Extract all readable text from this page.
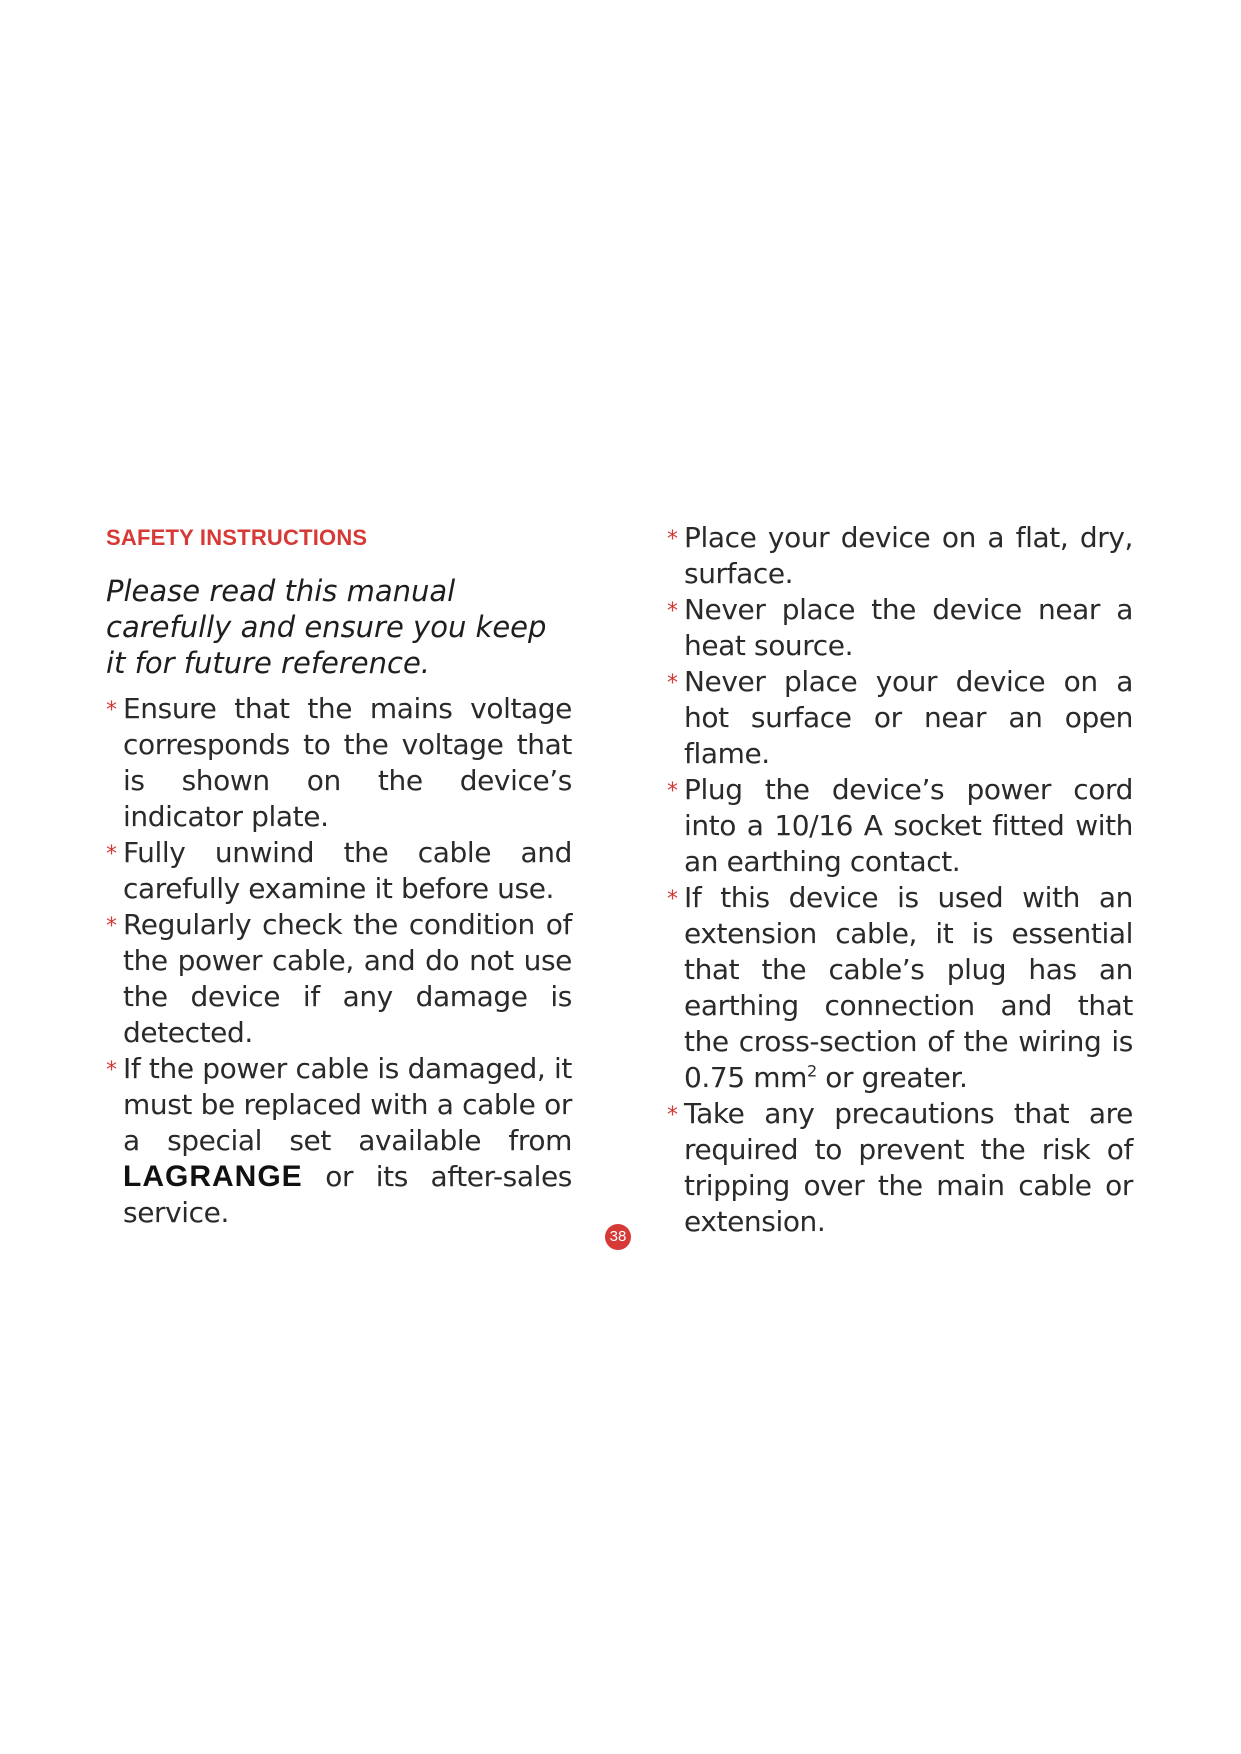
SAFETY INSTRUCTIONS

Please read this manual carefully and ensure you keep it for future reference.

* Ensure that the mains voltage corresponds to the voltage that is shown on the device’s indicator plate.
* Fully unwind the cable and carefully examine it before use.
* Regularly check the condition of the power cable, and do not use the device if any damage is detected.
* If the power cable is damaged, it must be replaced with a cable or a special set available from LAGRANGE or its after-sales service.
* Place your device on a flat, dry, surface.
* Never place the device near a heat source.
* Never place your device on a hot surface or near an open flame.
* Plug the device’s power cord into a 10/16 A socket fitted with an earthing contact.
* If this device is used with an extension cable, it is essential that the cable’s plug has an earthing connection and that the cross-section of the wiring is 0.75 $mm^2$ or greater.
* Take any precautions that are required to prevent the risk of tripping over the main cable or extension.
38
